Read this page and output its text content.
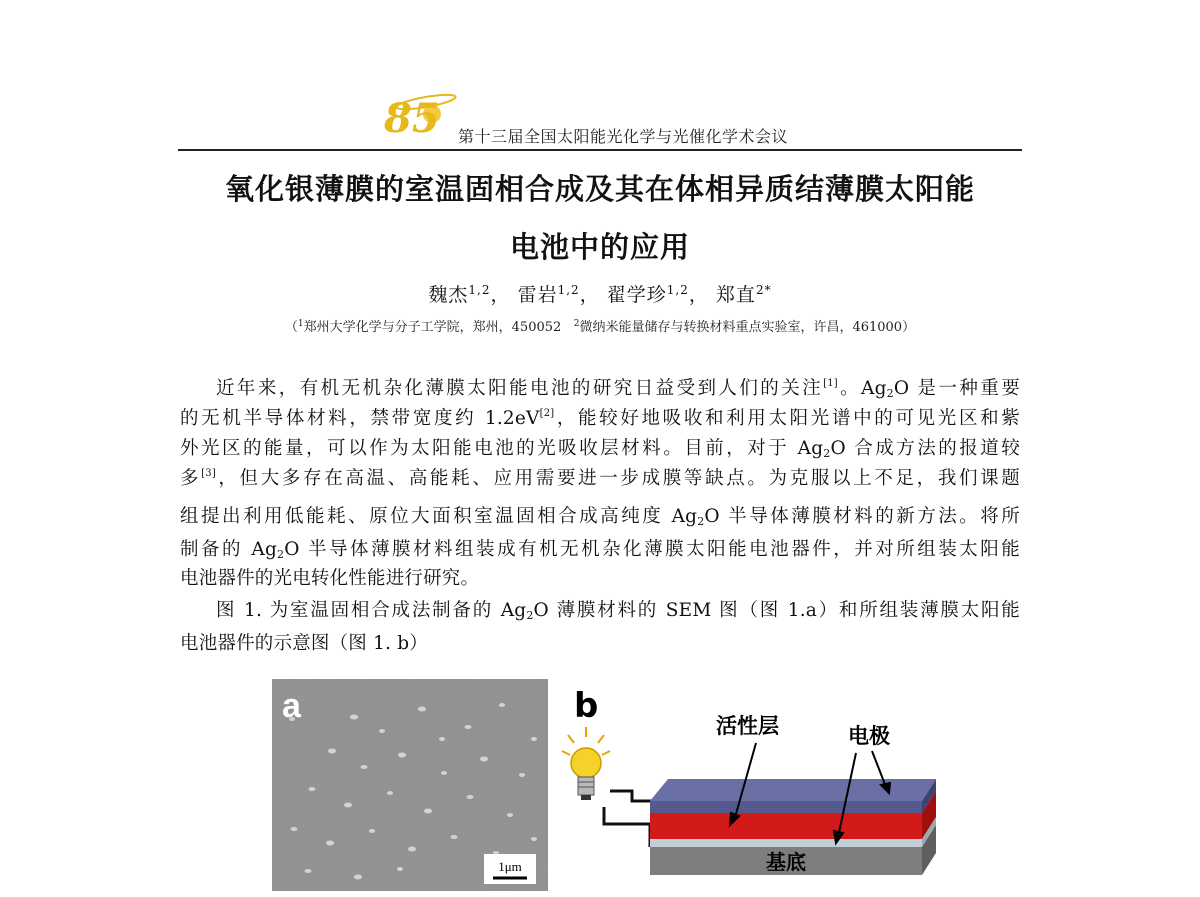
85 第十三届全国太阳能光化学与光催化学术会议
氧化银薄膜的室温固相合成及其在体相异质结薄膜太阳能
电池中的应用
魏杰$^{1,2}$， 雷岩$^{1,2}$， 翟学珍$^{1,2}$， 郑直$^{2*}$
（$^1$郑州大学化学与分子工学院，郑州，450052 $^2$微纳米能量储存与转换材料重点实验室，许昌，461000）
近年来，有机无机杂化薄膜太阳能电池的研究日益受到人们的关注[1]。$Ag_2O$ 是一种重要
的无机半导体材料，禁带宽度约 1.2eV[2]，能较好地吸收和利用太阳光谱中的可见光区和紫
外光区的能量，可以作为太阳能电池的光吸收层材料。目前，对于 $Ag_2O$ 合成方法的报道较
多[3]，但大多存在高温、高能耗、应用需要进一步成膜等缺点。为克服以上不足，我们课题
组提出利用低能耗、原位大面积室温固相合成高纯度 $Ag_2O$ 半导体薄膜材料的新方法。将所
制备的 $Ag_2O$ 半导体薄膜材料组装成有机无机杂化薄膜太阳能电池器件，并对所组装太阳能
电池器件的光电转化性能进行研究。
图 1. 为室温固相合成法制备的 $Ag_2O$ 薄膜材料的 SEM 图（图 1.a）和所组装薄膜太阳能
电池器件的示意图（图 1. b）
a
1μm
b	活性层	电极
基底
